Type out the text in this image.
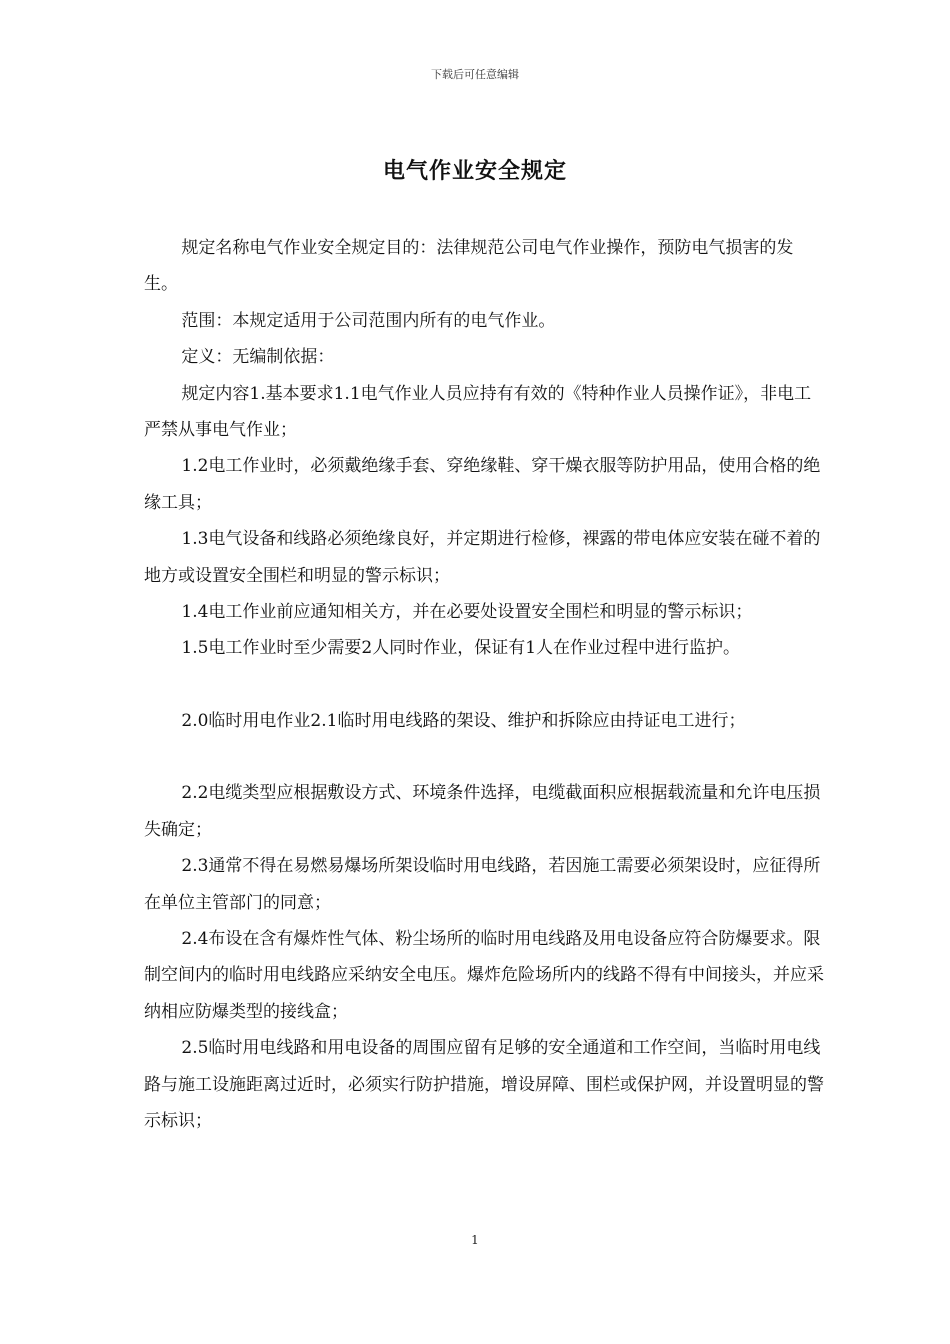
下载后可任意编辑
电气作业安全规定

规定名称电气作业安全规定目的：法律规范公司电气作业操作，预防电气损害的发生。

范围：本规定适用于公司范围内所有的电气作业。

定义：无编制依据：

规定内容1.基本要求1.1电气作业人员应持有有效的《特种作业人员操作证》，非电工严禁从事电气作业；

1.2电工作业时，必须戴绝缘手套、穿绝缘鞋、穿干燥衣服等防护用品，使用合格的绝缘工具；

1.3电气设备和线路必须绝缘良好，并定期进行检修，裸露的带电体应安装在碰不着的地方或设置安全围栏和明显的警示标识；

1.4电工作业前应通知相关方，并在必要处设置安全围栏和明显的警示标识；

1.5电工作业时至少需要2人同时作业，保证有1人在作业过程中进行监护。

2.0临时用电作业2.1临时用电线路的架设、维护和拆除应由持证电工进行；

2.2电缆类型应根据敷设方式、环境条件选择，电缆截面积应根据载流量和允许电压损失确定；

2.3通常不得在易燃易爆场所架设临时用电线路，若因施工需要必须架设时，应征得所在单位主管部门的同意；

2.4布设在含有爆炸性气体、粉尘场所的临时用电线路及用电设备应符合防爆要求。限制空间内的临时用电线路应采纳安全电压。爆炸危险场所内的线路不得有中间接头，并应采纳相应防爆类型的接线盒；

2.5临时用电线路和用电设备的周围应留有足够的安全通道和工作空间，当临时用电线路与施工设施距离过近时，必须实行防护措施，增设屏障、围栏或保护网，并设置明显的警示标识；

1
